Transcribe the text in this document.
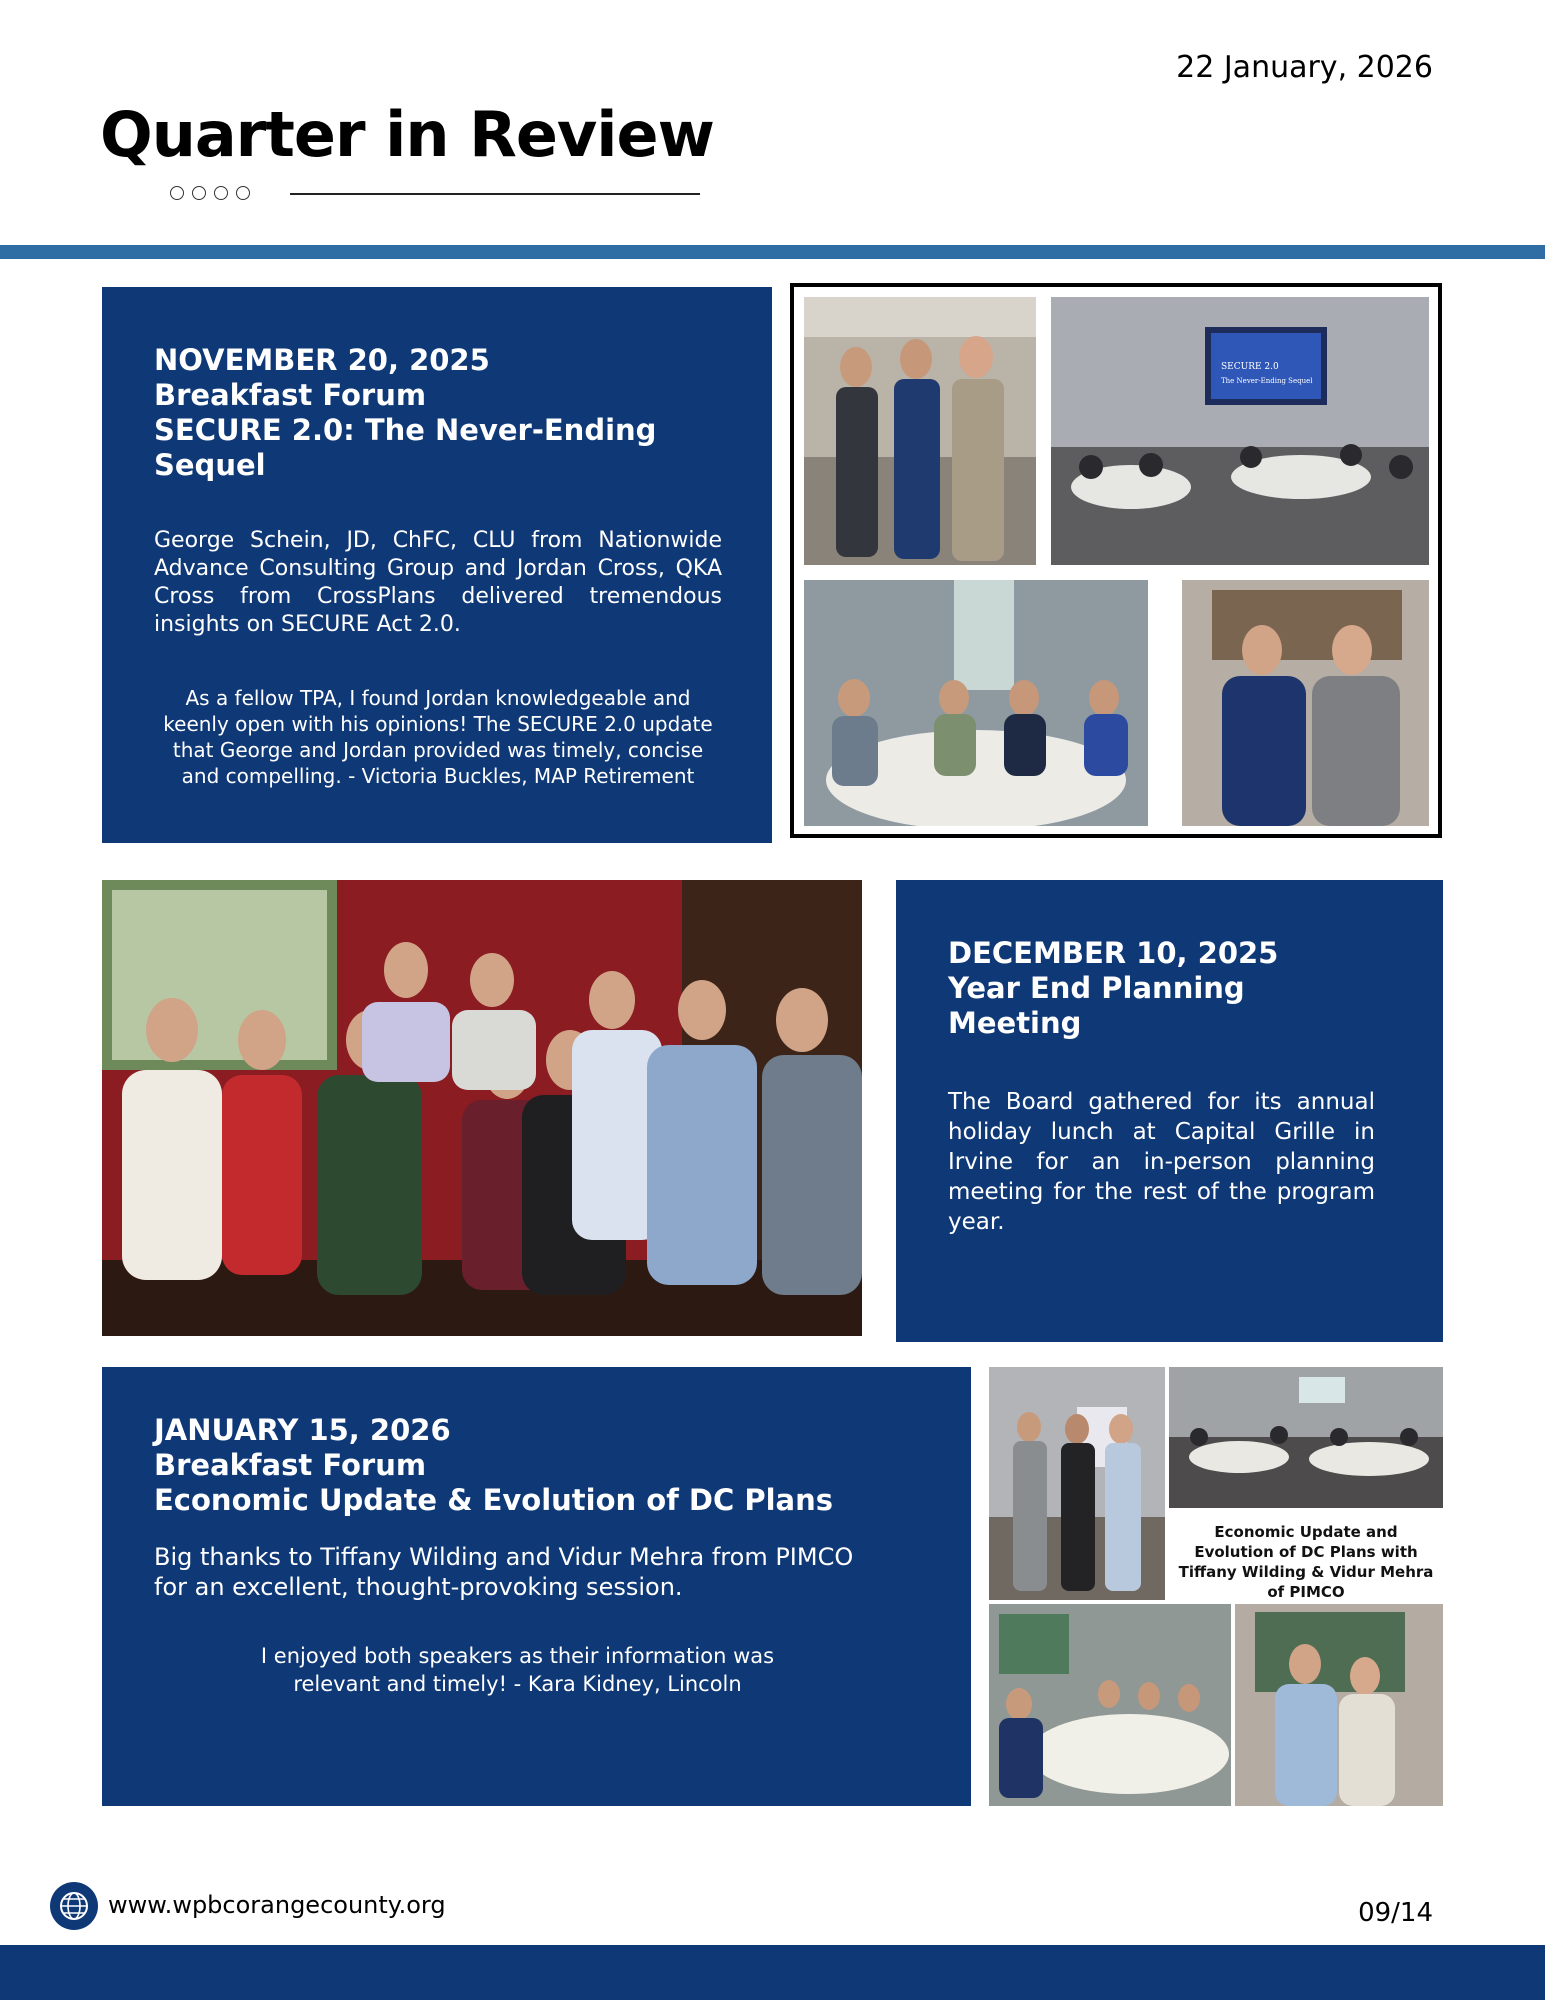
22 January, 2026
Quarter in Review
NOVEMBER 20, 2025
Breakfast Forum
SECURE 2.0: The Never-Ending Sequel
George Schein, JD, ChFC, CLU from Nationwide Advance Consulting Group and Jordan Cross, QKA Cross from CrossPlans delivered tremendous insights on SECURE Act 2.0.
As a fellow TPA, I found Jordan knowledgeable and keenly open with his opinions! The SECURE 2.0 update that George and Jordan provided was timely, concise and compelling. - Victoria Buckles, MAP Retirement
SECURE 2.0
The Never-Ending Sequel
DECEMBER 10, 2025
Year End Planning Meeting
The Board gathered for its annual holiday lunch at Capital Grille in Irvine for an in-person planning meeting for the rest of the program year.
JANUARY 15, 2026
Breakfast Forum
Economic Update & Evolution of DC Plans
Big thanks to Tiffany Wilding and Vidur Mehra from PIMCO for an excellent, thought-provoking session.
I enjoyed both speakers as their information was relevant and timely! - Kara Kidney, Lincoln
Economic Update and Evolution of DC Plans with Tiffany Wilding & Vidur Mehra of PIMCO
www.wpbcorangecounty.org	09/14
